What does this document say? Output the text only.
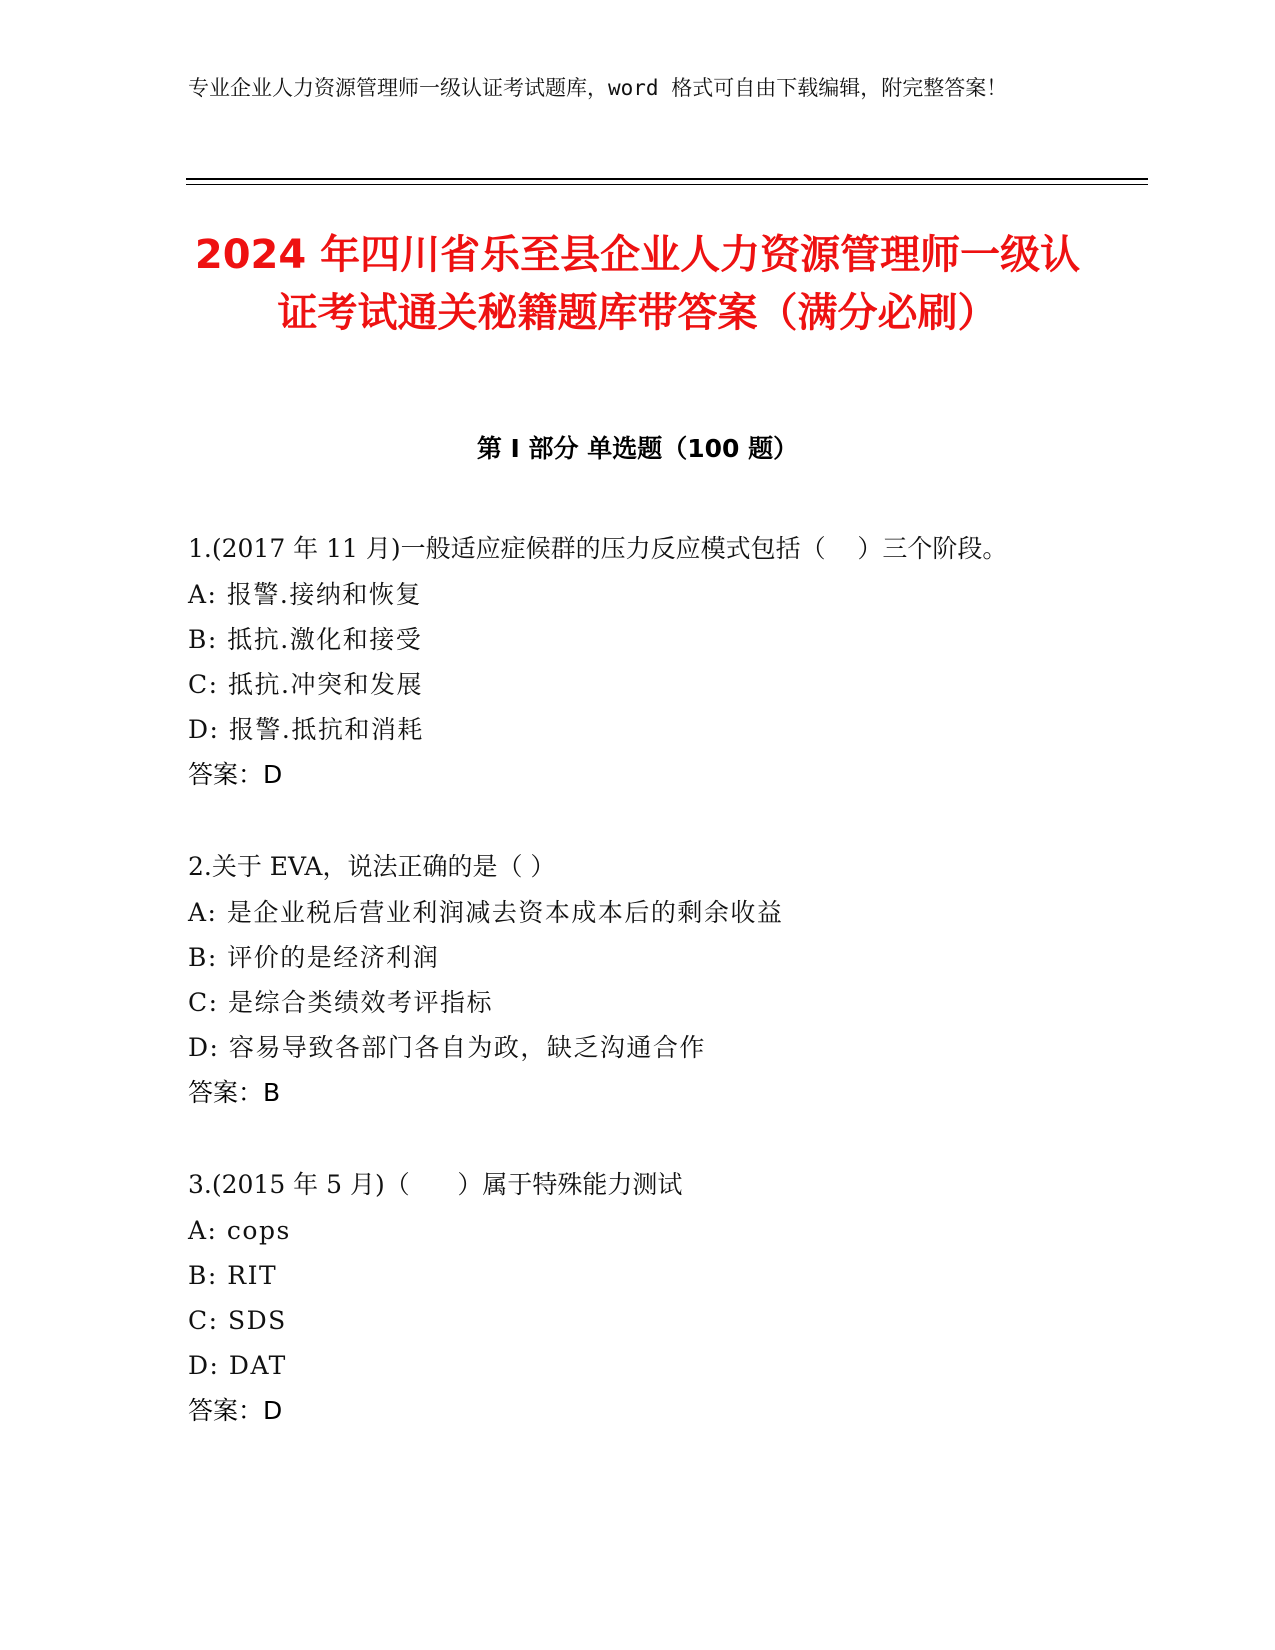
专业企业人力资源管理师一级认证考试题库，word 格式可自由下载编辑，附完整答案！
2024 年四川省乐至县企业人力资源管理师一级认证考试通关秘籍题库带答案（满分必刷）
第 I 部分 单选题（100 题）
1.(2017 年 11 月)一般适应症候群的压力反应模式包括（    ）三个阶段。
A: 报警.接纳和恢复
B: 抵抗.激化和接受
C: 抵抗.冲突和发展
D: 报警.抵抗和消耗
答案：D
2.关于 EVA，说法正确的是（ ）
A: 是企业税后营业利润减去资本成本后的剩余收益
B: 评价的是经济利润
C: 是综合类绩效考评指标
D: 容易导致各部门各自为政，缺乏沟通合作
答案：B
3.(2015 年 5 月)（      ）属于特殊能力测试
A: cops
B: RIT
C: SDS
D: DAT
答案：D
